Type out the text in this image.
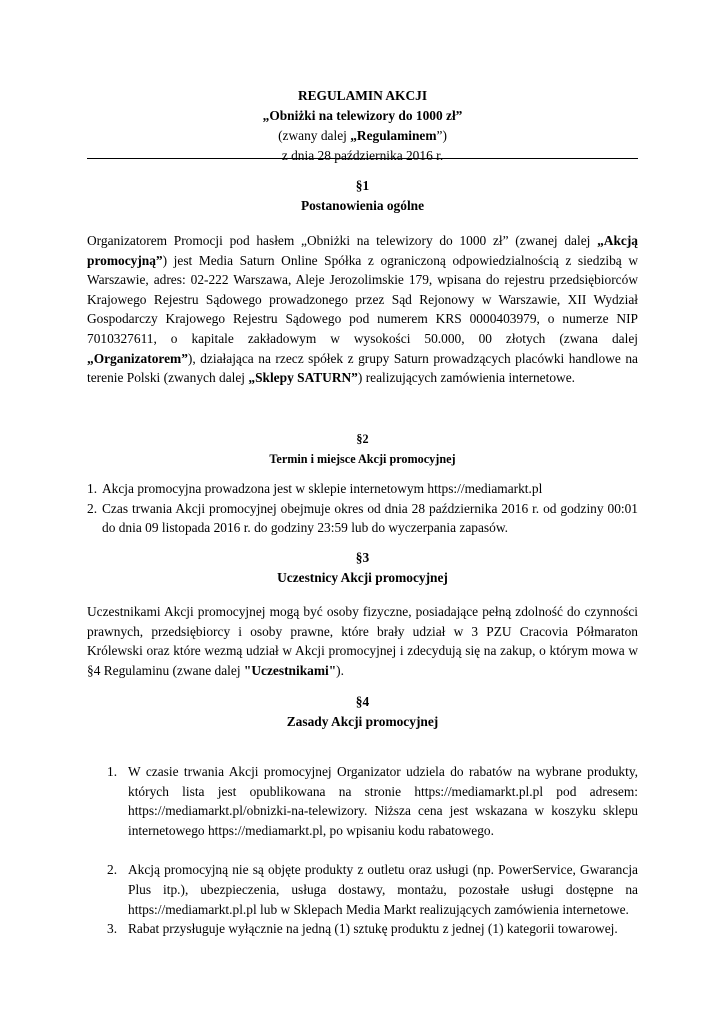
REGULAMIN AKCJI
„Obniżki na telewizory do 1000 zł”
(zwany dalej „Regulaminem”)
z dnia 28 października 2016 r.
§1
Postanowienia ogólne

Organizatorem Promocji pod hasłem „Obniżki na telewizory do 1000 zł” (zwanej dalej „Akcją promocyjną”) jest Media Saturn Online Spółka z ograniczoną odpowiedzialnością z siedzibą w Warszawie, adres: 02-222 Warszawa, Aleje Jerozolimskie 179, wpisana do rejestru przedsiębiorców Krajowego Rejestru Sądowego prowadzonego przez Sąd Rejonowy w Warszawie, XII Wydział Gospodarczy Krajowego Rejestru Sądowego pod numerem KRS 0000403979, o numerze NIP 7010327611, o kapitale zakładowym w wysokości 50.000, 00 złotych (zwana dalej „Organizatorem”), działająca na rzecz spółek z grupy Saturn prowadzących placówki handlowe na terenie Polski (zwanych dalej „Sklepy SATURN”) realizujących zamówienia internetowe.

§2
Termin i miejsce Akcji promocyjnej
1. Akcja promocyjna prowadzona jest w sklepie internetowym https://mediamarkt.pl
2. Czas trwania Akcji promocyjnej obejmuje okres od dnia 28 października 2016 r. od godziny 00:01 do dnia 09 listopada 2016 r. do godziny 23:59 lub do wyczerpania zapasów.
§3
Uczestnicy Akcji promocyjnej

Uczestnikami Akcji promocyjnej mogą być osoby fizyczne, posiadające pełną zdolność do czynności prawnych, przedsiębiorcy i osoby prawne, które brały udział w 3 PZU Cracovia Półmaraton Królewski oraz które wezmą udział w Akcji promocyjnej i zdecydują się na zakup, o którym mowa w §4 Regulaminu (zwane dalej "Uczestnikami").

§4
Zasady Akcji promocyjnej
1. W czasie trwania Akcji promocyjnej Organizator udziela do rabatów na wybrane produkty, których lista jest opublikowana na stronie https://mediamarkt.pl.pl pod adresem: https://mediamarkt.pl/obnizki-na-telewizory. Niższa cena jest wskazana w koszyku sklepu internetowego https://mediamarkt.pl, po wpisaniu kodu rabatowego.
2. Akcją promocyjną nie są objęte produkty z outletu oraz usługi (np. PowerService, Gwarancja Plus itp.), ubezpieczenia, usługa dostawy, montażu, pozostałe usługi dostępne na https://mediamarkt.pl.pl lub w Sklepach Media Markt realizujących zamówienia internetowe.
3. Rabat przysługuje wyłącznie na jedną (1) sztukę produktu z jednej (1) kategorii towarowej.
